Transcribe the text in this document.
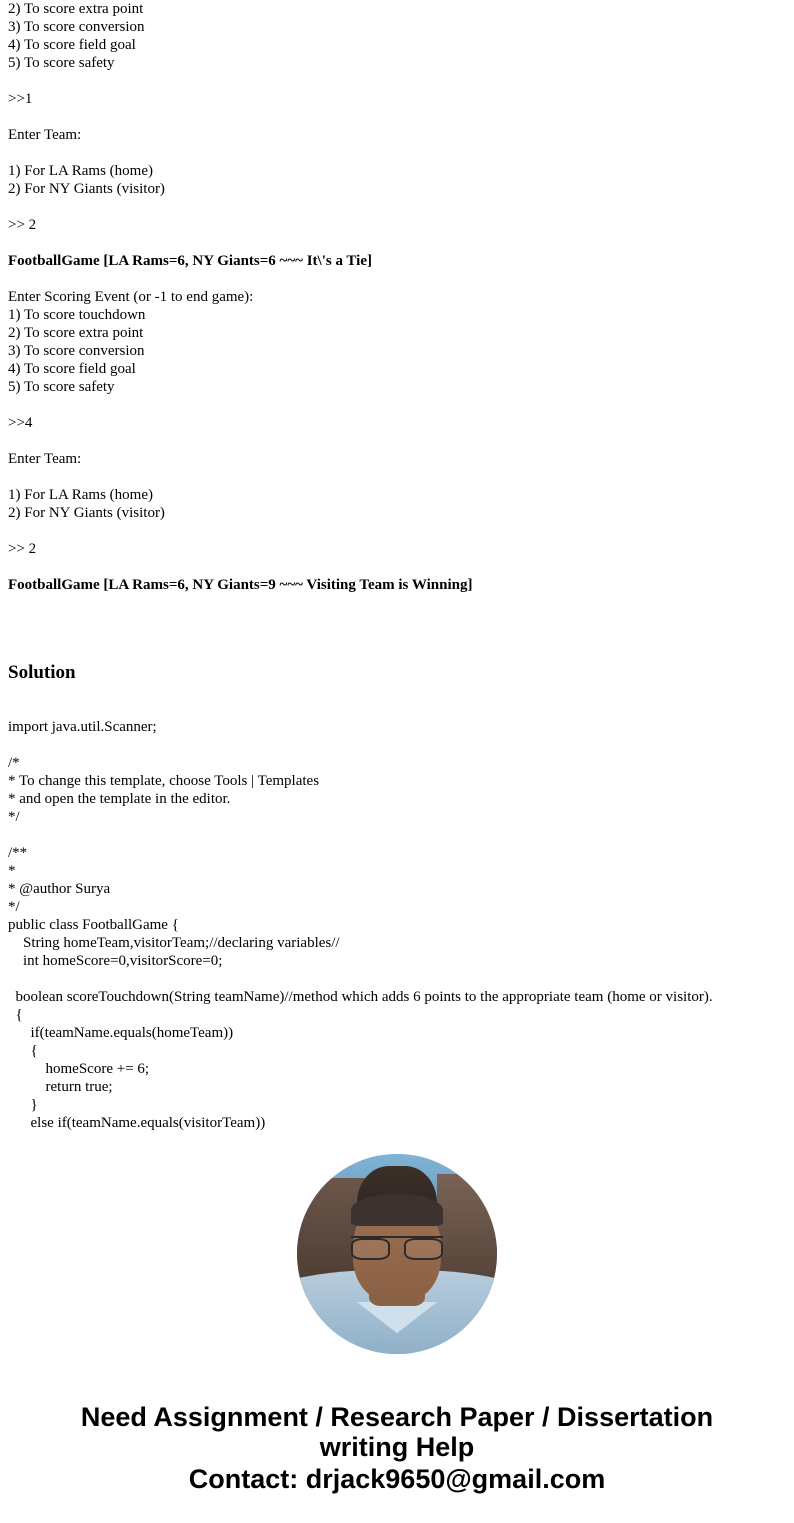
2) To score extra point
3) To score conversion
4) To score field goal
5) To score safety
>>1
Enter Team:
1) For LA Rams (home)
2) For NY Giants (visitor)
>> 2
FootballGame [LA Rams=6, NY Giants=6 ~~~ It\'s a Tie]
Enter Scoring Event (or -1 to end game):
1) To score touchdown
2) To score extra point
3) To score conversion
4) To score field goal
5) To score safety
>>4
Enter Team:
1) For LA Rams (home)
2) For NY Giants (visitor)
>> 2
FootballGame [LA Rams=6, NY Giants=9 ~~~ Visiting Team is Winning]
Solution
import java.util.Scanner;
/*
* To change this template, choose Tools | Templates
* and open the template in the editor.
*/
/**
*
* @author Surya
*/
public class FootballGame {
String homeTeam,visitorTeam;//declaring variables//
int homeScore=0,visitorScore=0;
boolean scoreTouchdown(String teamName)//method which adds 6 points to the appropriate team (home or visitor).
{
if(teamName.equals(homeTeam))
{
homeScore += 6;
return true;
}
else if(teamName.equals(visitorTeam))
Need Assignment / Research Paper / Dissertation
writing Help
Contact: drjack9650@gmail.com
